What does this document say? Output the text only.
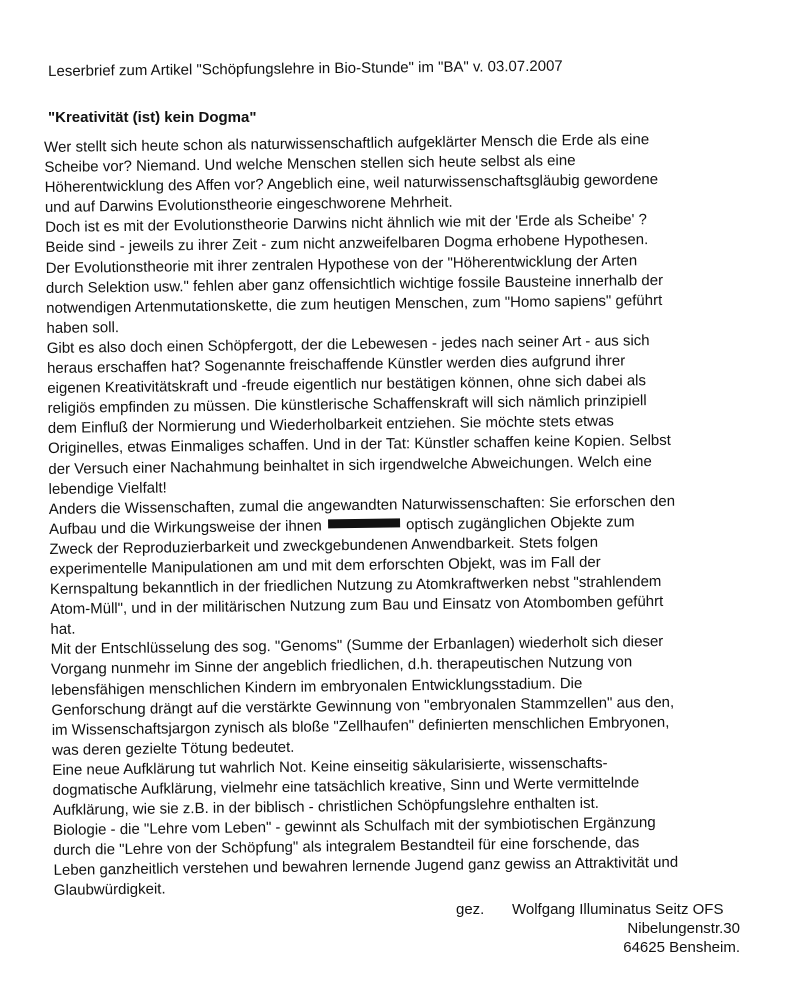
Leserbrief zum Artikel "Schöpfungslehre in Bio-Stunde" im "BA" v. 03.07.2007
"Kreativität (ist) kein Dogma"
Wer stellt sich heute schon als naturwissenschaftlich aufgeklärter Mensch die Erde als eine
Scheibe vor? Niemand. Und welche Menschen stellen sich heute selbst als eine
Höherentwicklung des Affen vor? Angeblich eine, weil naturwissenschaftsgläubig gewordene
und auf Darwins Evolutionstheorie eingeschworene Mehrheit.
Doch ist es mit der Evolutionstheorie Darwins nicht ähnlich wie mit der 'Erde als Scheibe' ?
Beide sind - jeweils zu ihrer Zeit - zum nicht anzweifelbaren Dogma erhobene Hypothesen.
Der Evolutionstheorie mit ihrer zentralen Hypothese von der "Höherentwicklung der Arten
durch Selektion usw." fehlen aber ganz offensichtlich wichtige fossile Bausteine innerhalb der
notwendigen Artenmutationskette, die zum heutigen Menschen, zum "Homo sapiens" geführt
haben soll.
Gibt es also doch einen Schöpfergott, der die Lebewesen - jedes nach seiner Art - aus sich
heraus erschaffen hat? Sogenannte freischaffende Künstler werden dies aufgrund ihrer
eigenen Kreativitätskraft und -freude eigentlich nur bestätigen können, ohne sich dabei als
religiös empfinden zu müssen. Die künstlerische Schaffenskraft will sich nämlich prinzipiell
dem Einfluß der Normierung und Wiederholbarkeit entziehen. Sie möchte stets etwas
Originelles, etwas Einmaliges schaffen. Und in der Tat: Künstler schaffen keine Kopien. Selbst
der Versuch einer Nachahmung beinhaltet in sich irgendwelche Abweichungen. Welch eine
lebendige Vielfalt!
Anders die Wissenschaften, zumal die angewandten Naturwissenschaften: Sie erforschen den
Aufbau und die Wirkungsweise der ihnen	optisch zugänglichen Objekte zum
Zweck der Reproduzierbarkeit und zweckgebundenen Anwendbarkeit. Stets folgen
experimentelle Manipulationen am und mit dem erforschten Objekt, was im Fall der
Kernspaltung bekanntlich in der friedlichen Nutzung zu Atomkraftwerken nebst "strahlendem
Atom-Müll", und in der militärischen Nutzung zum Bau und Einsatz von Atombomben geführt
hat.
Mit der Entschlüsselung des sog. "Genoms" (Summe der Erbanlagen) wiederholt sich dieser
Vorgang nunmehr im Sinne der angeblich friedlichen, d.h. therapeutischen Nutzung von
lebensfähigen menschlichen Kindern im embryonalen Entwicklungsstadium. Die
Genforschung drängt auf die verstärkte Gewinnung von "embryonalen Stammzellen" aus den,
im Wissenschaftsjargon zynisch als bloße "Zellhaufen" definierten menschlichen Embryonen,
was deren gezielte Tötung bedeutet.
Eine neue Aufklärung tut wahrlich Not. Keine einseitig säkularisierte, wissenschafts-
dogmatische Aufklärung, vielmehr eine tatsächlich kreative, Sinn und Werte vermittelnde
Aufklärung, wie sie z.B. in der biblisch - christlichen Schöpfungslehre enthalten ist.
Biologie - die "Lehre vom Leben" - gewinnt als Schulfach mit der symbiotischen Ergänzung
durch die "Lehre von der Schöpfung" als integralem Bestandteil für eine forschende, das
Leben ganzheitlich verstehen und bewahren lernende Jugend ganz gewiss an Attraktivität und
Glaubwürdigkeit.
gez.	Wolfgang Illuminatus Seitz OFS
Nibelungenstr.30
64625 Bensheim.
